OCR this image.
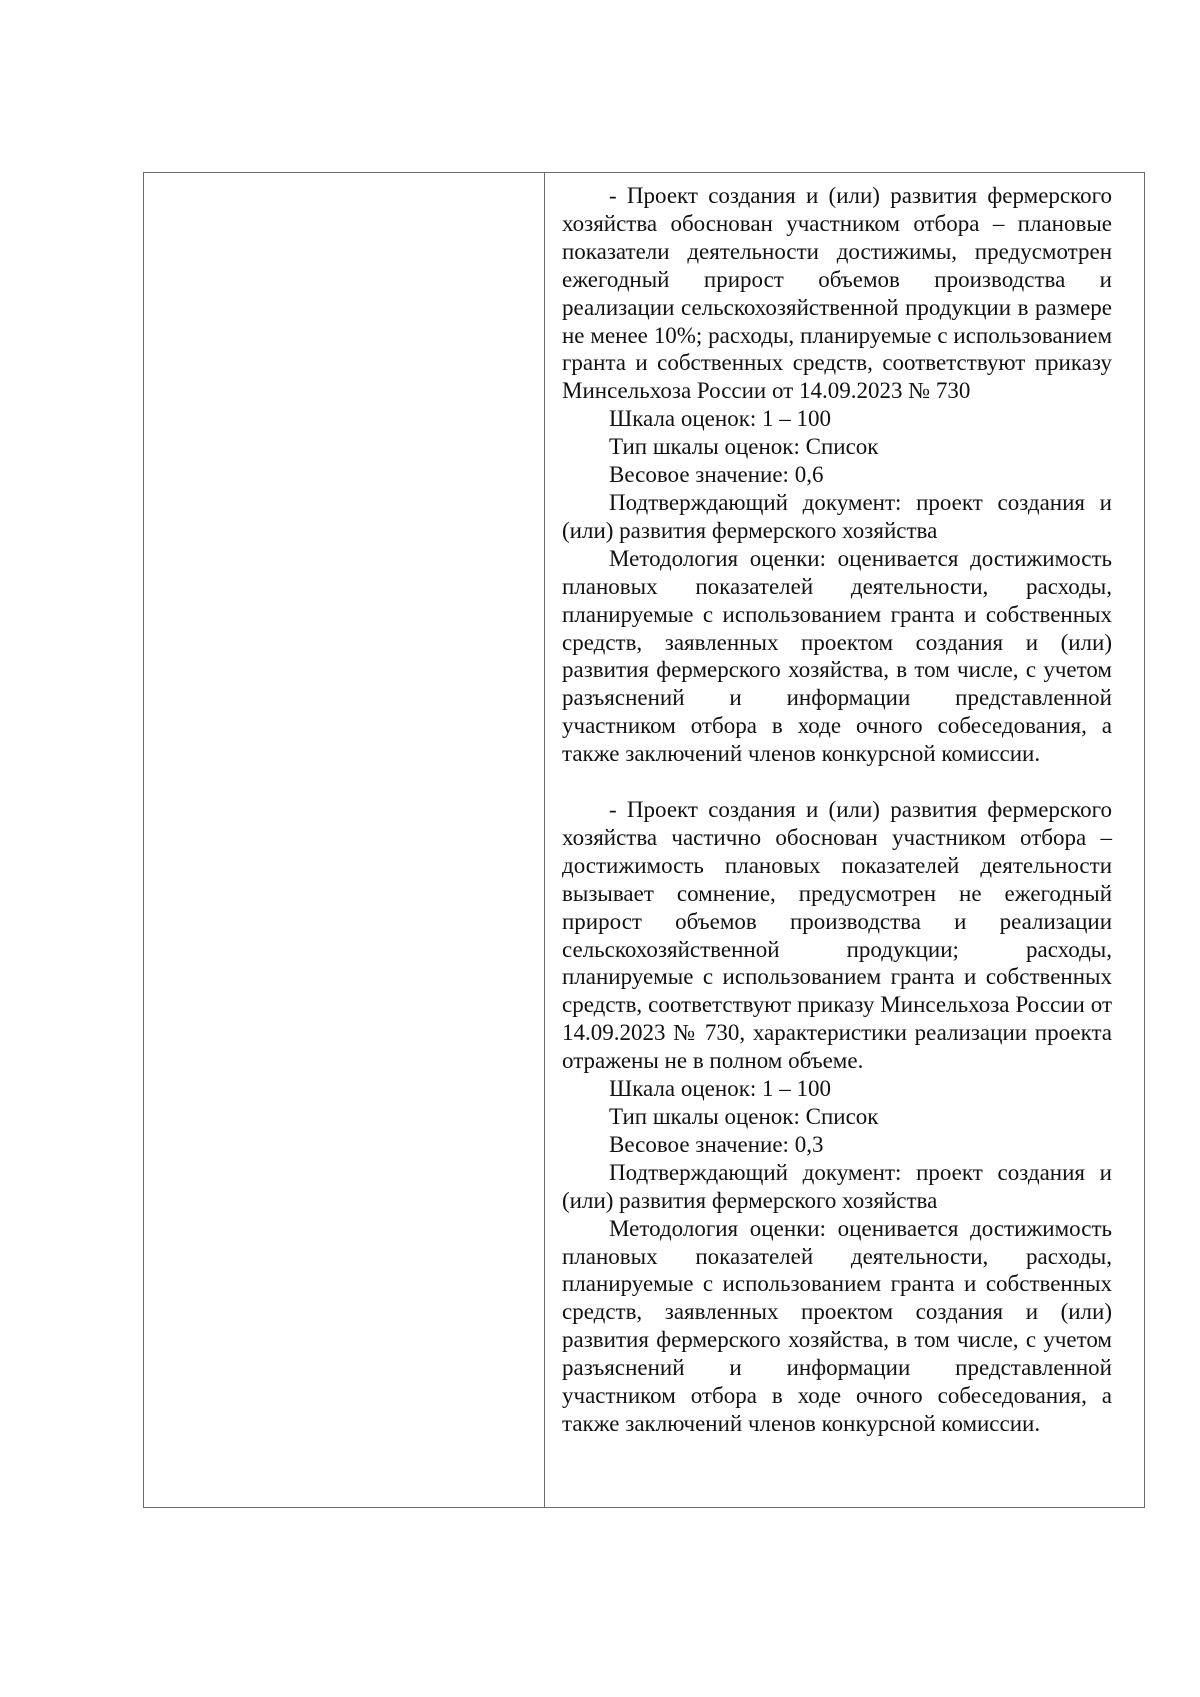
- Проект создания и (или) развития фермерского хозяйства обоснован участником отбора – плановые показатели деятельности достижимы, предусмотрен ежегодный прирост объемов производства и реализации сельскохозяйственной продукции в размере не менее 10%; расходы, планируемые с использованием гранта и собственных средств, соответствуют приказу Минсельхоза России от 14.09.2023 № 730

Шкала оценок: 1 – 100

Тип шкалы оценок: Список

Весовое значение: 0,6

Подтверждающий документ: проект создания и (или) развития фермерского хозяйства

Методология оценки: оценивается достижимость плановых показателей деятельности, расходы, планируемые с использованием гранта и собственных средств, заявленных проектом создания и (или) развития фермерского хозяйства, в том числе, с учетом разъяснений и информации представленной участником отбора в ходе очного собеседования, а также заключений членов конкурсной комиссии.

- Проект создания и (или) развития фермерского хозяйства частично обоснован участником отбора – достижимость плановых показателей деятельности вызывает сомнение, предусмотрен не ежегодный прирост объемов производства и реализации сельскохозяйственной продукции; расходы, планируемые с использованием гранта и собственных средств, соответствуют приказу Минсельхоза России от 14.09.2023 № 730, характеристики реализации проекта отражены не в полном объеме.

Шкала оценок: 1 – 100

Тип шкалы оценок: Список

Весовое значение: 0,3

Подтверждающий документ: проект создания и (или) развития фермерского хозяйства

Методология оценки: оценивается достижимость плановых показателей деятельности, расходы, планируемые с использованием гранта и собственных средств, заявленных проектом создания и (или) развития фермерского хозяйства, в том числе, с учетом разъяснений и информации представленной участником отбора в ходе очного собеседования, а также заключений членов конкурсной комиссии.
